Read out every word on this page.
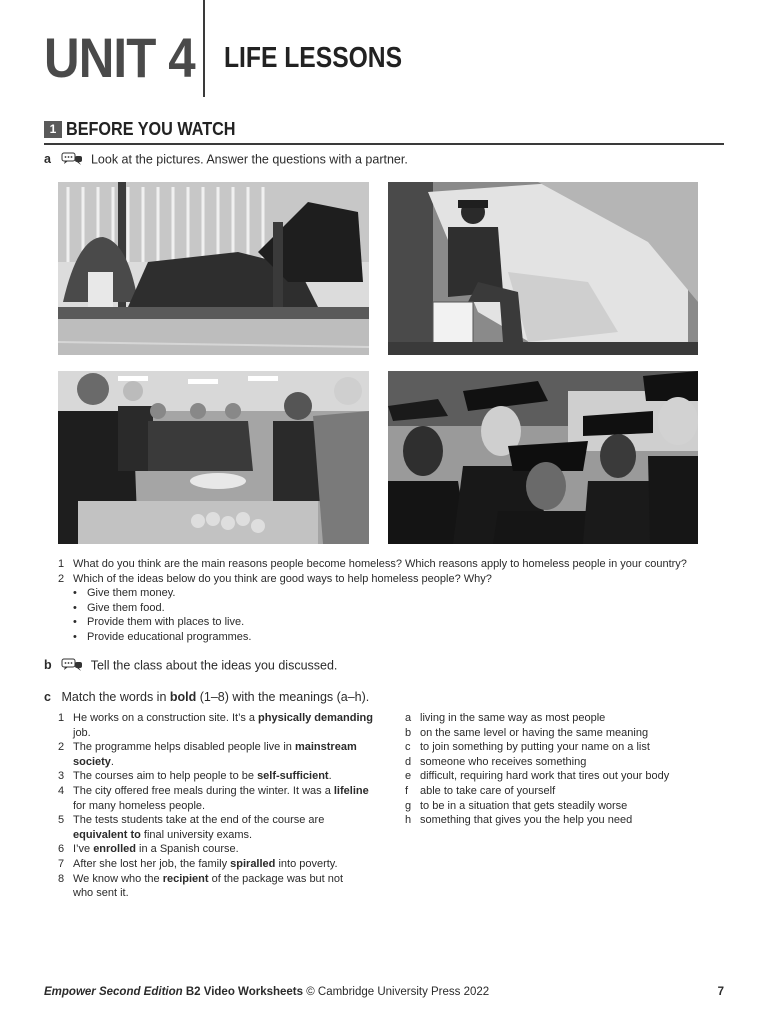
UNIT 4 LIFE LESSONS
1 BEFORE YOU WATCH
a	Look at the pictures. Answer the questions with a partner.
1 What do you think are the main reasons people become homeless? Which reasons apply to homeless people in your country?
2 Which of the ideas below do you think are good ways to help homeless people? Why?
• Give them money.
• Give them food.
• Provide them with places to live.
• Provide educational programmes.
b	Tell the class about the ideas you discussed.
c Match the words in bold (1–8) with the meanings (a–h).
1 He works on a construction site. It’s a physically demanding
job.
2 The programme helps disabled people live in mainstream society.
3 The courses aim to help people to be self-sufficient.
4 The city offered free meals during the winter. It was a lifeline
for many homeless people.
5 The tests students take at the end of the course are
equivalent to final university exams.
6 I’ve enrolled in a Spanish course.
7 After she lost her job, the family spiralled into poverty.
8 We know who the recipient of the package was but not
who sent it.
a living in the same way as most people
b on the same level or having the same meaning
c to join something by putting your name on a list
d someone who receives something
e difficult, requiring hard work that tires out your body
f able to take care of yourself
g to be in a situation that gets steadily worse
h something that gives you the help you need
Empower Second Edition B2 Video Worksheets © Cambridge University Press 2022	7
